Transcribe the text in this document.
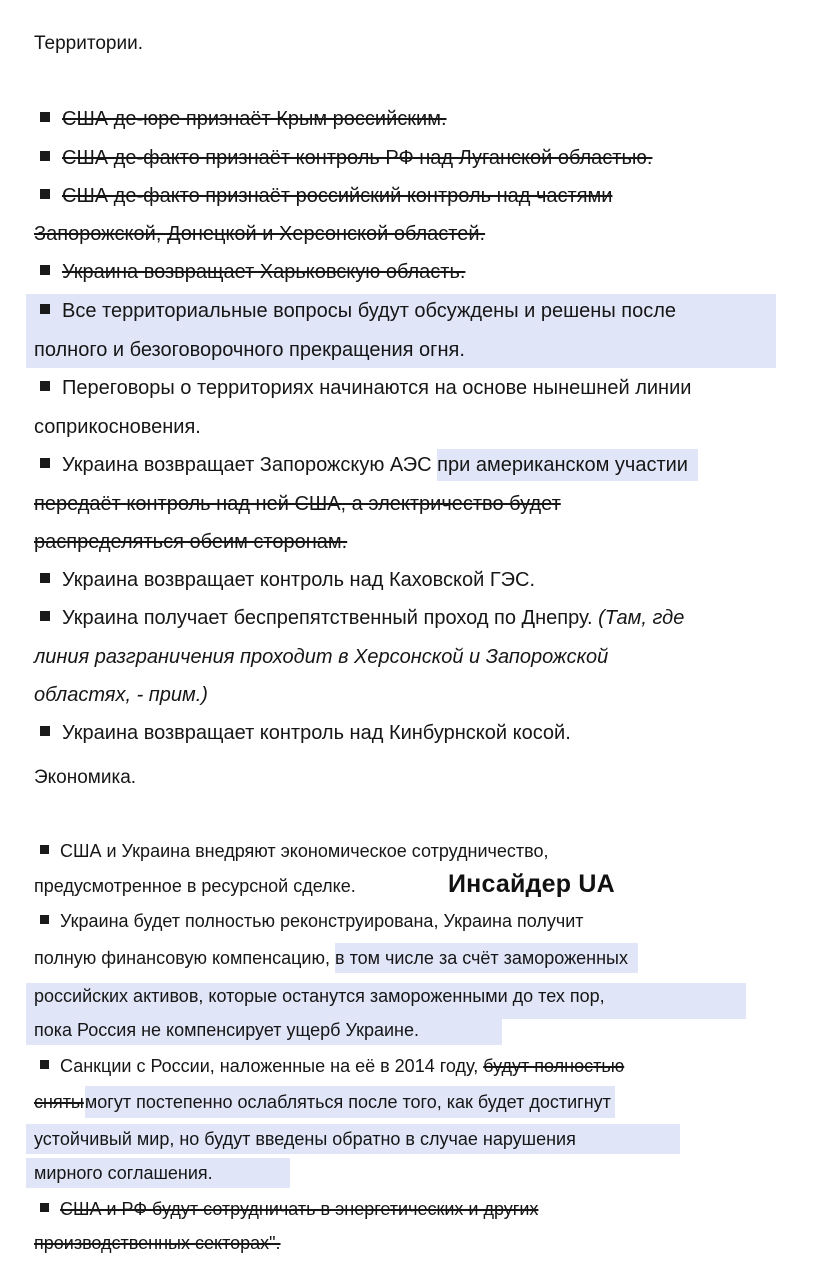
Территории.
США де-юре признаёт Крым российским.
США де-факто признаёт контроль РФ над Луганской областью.
США де-факто признаёт российский контроль над частями
Запорожской, Донецкой и Херсонской областей.
Украина возвращает Харьковскую область.
Все территориальные вопросы будут обсуждены и решены после
полного и безоговорочного прекращения огня.
Переговоры о территориях начинаются на основе нынешней линии
соприкосновения.
Украина возвращает Запорожскую АЭС при американском участии
передаёт контроль над ней США, а электричество будет
распределяться обеим сторонам.
Украина возвращает контроль над Каховской ГЭС.
Украина получает беспрепятственный проход по Днепру. (Там, где
линия разграничения проходит в Херсонской и Запорожской
областях, - прим.)
Украина возвращает контроль над Кинбурнской косой.
Экономика.
США и Украина внедряют экономическое сотрудничество,
предусмотренное в ресурсной сделке.	Инсайдер UA
Украина будет полностью реконструирована, Украина получит
полную финансовую компенсацию, в том числе за счёт замороженных
российских активов, которые останутся замороженными до тех пор,
пока Россия не компенсирует ущерб Украине.
Санкции с России, наложенные на её в 2014 году, будут полностью
сняты могут постепенно ослабляться после того, как будет достигнут
устойчивый мир, но будут введены обратно в случае нарушения
мирного соглашения.
США и РФ будут сотрудничать в энергетических и других
производственных секторах".
